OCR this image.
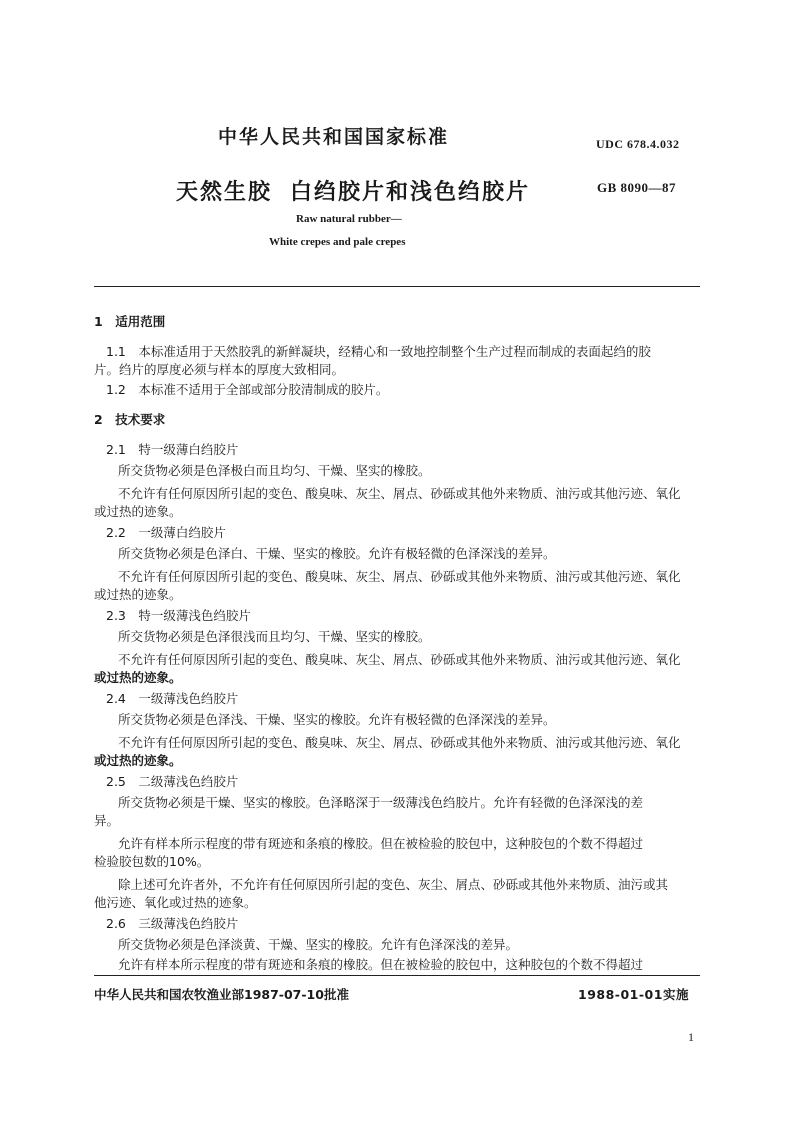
中华人民共和国国家标准	UDC 678.4.032
天然生胶 白绉胶片和浅色绉胶片	GB 8090—87
Raw natural rubber—
White crepes and pale crepes
1　适用范围
1.1　本标准适用于天然胶乳的新鲜凝块，经精心和一致地控制整个生产过程而制成的表面起绉的胶
片。绉片的厚度必须与样本的厚度大致相同。
1.2　本标准不适用于全部或部分胶清制成的胶片。
2　技术要求
2.1　特一级薄白绉胶片
所交货物必须是色泽极白而且均匀、干燥、坚实的橡胶。
不允许有任何原因所引起的变色、酸臭味、灰尘、屑点、砂砾或其他外来物质、油污或其他污迹、氧化
或过热的迹象。
2.2　一级薄白绉胶片
所交货物必须是色泽白、干燥、坚实的橡胶。允许有极轻微的色泽深浅的差异。
不允许有任何原因所引起的变色、酸臭味、灰尘、屑点、砂砾或其他外来物质、油污或其他污迹、氧化
或过热的迹象。
2.3　特一级薄浅色绉胶片
所交货物必须是色泽很浅而且均匀、干燥、坚实的橡胶。
不允许有任何原因所引起的变色、酸臭味、灰尘、屑点、砂砾或其他外来物质、油污或其他污迹、氧化
或过热的迹象。
2.4　一级薄浅色绉胶片
所交货物必须是色泽浅、干燥、坚实的橡胶。允许有极轻微的色泽深浅的差异。
不允许有任何原因所引起的变色、酸臭味、灰尘、屑点、砂砾或其他外来物质、油污或其他污迹、氧化
或过热的迹象。
2.5　二级薄浅色绉胶片
所交货物必须是干燥、坚实的橡胶。色泽略深于一级薄浅色绉胶片。允许有轻微的色泽深浅的差
异。
允许有样本所示程度的带有斑迹和条痕的橡胶。但在被检验的胶包中，这种胶包的个数不得超过
检验胶包数的10%。
除上述可允许者外，不允许有任何原因所引起的变色、灰尘、屑点、砂砾或其他外来物质、油污或其
他污迹、氧化或过热的迹象。
2.6　三级薄浅色绉胶片
所交货物必须是色泽淡黄、干燥、坚实的橡胶。允许有色泽深浅的差异。
允许有样本所示程度的带有斑迹和条痕的橡胶。但在被检验的胶包中，这种胶包的个数不得超过
中华人民共和国农牧渔业部1987-07-10批准	1988-01-01实施
1
